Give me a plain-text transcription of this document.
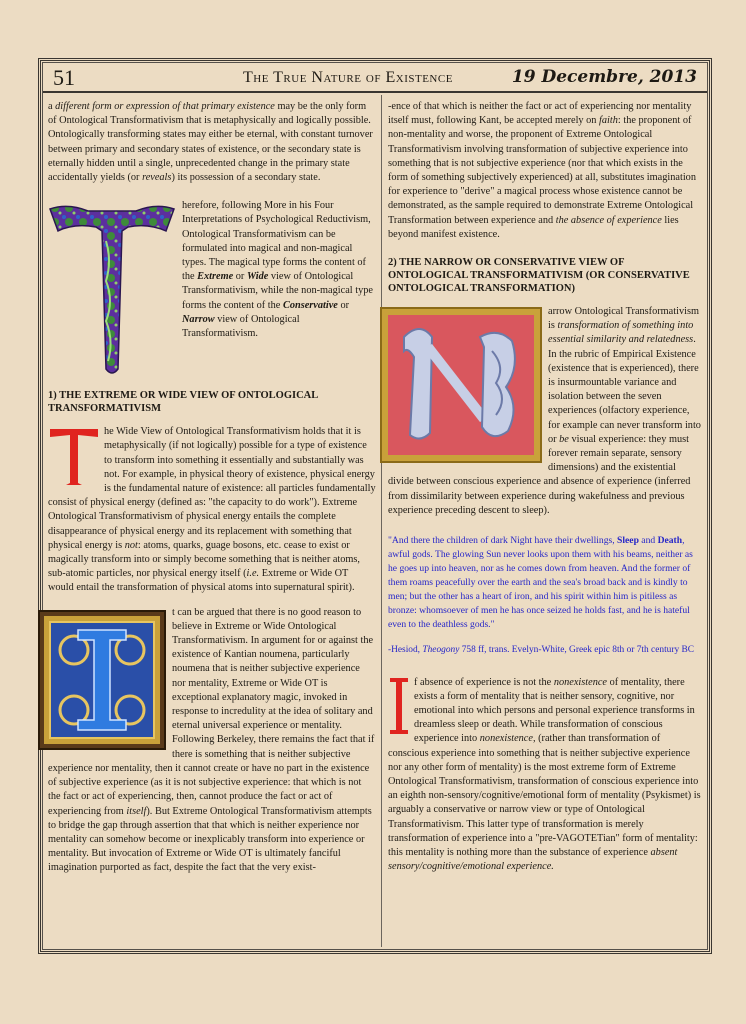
51	The True Nature of Existence	19 Decembre, 2013

a different form or expression of that primary existence may be the only form of Ontological Transformativism that is metaphysically and logically possible. Ontologically transforming states may either be eternal, with constant turnover between primary and secondary states of existence, or the secondary state is eternally hidden until a single, unprecedented change in the primary state accidentally yields (or reveals) its possession of a secondary state.

herefore, following More in his Four Interpretations of Psychological Reductivism, Ontological Transformativism can be formulated into magical and non-magical types. The magical type forms the content of the Extreme or Wide view of Ontological Transformativism, while the non-magical type forms the content of the Conservative or Narrow view of Ontological Transformativism.

1) THE EXTREME OR WIDE VIEW OF ONTOLOGICAL TRANSFORMATIVISM

he Wide View of Ontological Transformativism holds that it is metaphysically (if not logically) possible for a type of existence to transform into something it essentially and substantially was not. For example, in physical theory of existence, physical energy is the fundamental nature of existence: all particles fundamentally consist of physical energy (defined as: "the capacity to do work"). Extreme Ontological Transformativism of physical energy entails the complete disappearance of physical energy and its replacement with something that physical energy is not: atoms, quarks, guage bosons, etc. cease to exist or magically transform into or simply become something that is neither atoms, sub-atomic particles, nor physical energy itself (i.e. Extreme or Wide OT would entail the transformation of physical atoms into supernatural spirit).

t can be argued that there is no good reason to believe in Extreme or Wide Ontological Transformativism. In argument for or against the existence of Kantian noumena, particularly noumena that is neither subjective experience nor mentality, Extreme or Wide OT is exceptional explanatory magic, invoked in response to incredulity at the idea of solitary and eternal universal experience or mentality. Following Berkeley, there remains the fact that if there is something that is neither subjective experience nor mentality, then it cannot create or have no part in the existence of subjective experience (as it is not subjective experience: that which is not the fact or act of experiencing, then, cannot produce the fact or act of experiencing from itself). But Extreme Ontological Transformativism attempts to bridge the gap through assertion that that which is neither experience nor mentality can somehow become or inexplicably transform into experience or mentality. But invocation of Extreme or Wide OT is ultimately fanciful imagination purported as fact, despite the fact that the very exist-

-ence of that which is neither the fact or act of experiencing nor mentality itself must, following Kant, be accepted merely on faith: the proponent of non-mentality and worse, the proponent of Extreme Ontological Transformativism involving transformation of subjective experience into something that is not subjective experience (nor that which exists in the form of something subjectively experienced) at all, substitutes imagination for experience to "derive" a magical process whose existence cannot be demonstrated, as the sample required to demonstrate Extreme Ontological Transformation between experience and the absence of experience lies beyond manifest existence.

2) THE NARROW OR CONSERVATIVE VIEW OF ONTOLOGICAL TRANSFORMATIVISM (OR CONSERVATIVE ONTOLOGICAL TRANSFORMATION)

arrow Ontological Transformativism is transformation of something into essential similarity and relatedness. In the rubric of Empirical Existence (existence that is experienced), there is insurmountable variance and isolation between the seven experiences (olfactory experience, for example can never transform into or be visual experience: they must forever remain separate, sensory dimensions) and the existential divide between conscious experience and absence of experience (inferred from dissimilarity between experience during wakefulness and previous experience preceding descent to sleep).

"And there the children of dark Night have their dwellings, Sleep and Death, awful gods. The glowing Sun never looks upon them with his beams, neither as he goes up into heaven, nor as he comes down from heaven. And the former of them roams peacefully over the earth and the sea's broad back and is kindly to men; but the other has a heart of iron, and his spirit within him is pitiless as bronze: whomsoever of men he has once seized he holds fast, and he is hateful even to the deathless gods."
-Hesiod, Theogony 758 ff, trans. Evelyn-White, Greek epic 8th or 7th century BC

f absence of experience is not the nonexistence of mentality, there exists a form of mentality that is neither sensory, cognitive, nor emotional into which persons and personal experience transforms in dreamless sleep or death. While transformation of conscious experience into nonexistence, (rather than transformation of conscious experience into something that is neither subjective experience nor any other form of mentality) is the most extreme form of Extreme Ontological Transformativism, transformation of conscious experience into an eighth non-sensory/cognitive/emotional form of mentality (Psykismet) is arguably a conservative or narrow view or type of Ontological Transformativism. This latter type of transformation is merely transformation of experience into a "pre-VAGOTETian" form of mentality: this mentality is nothing more than the substance of experience absent sensory/cognitive/emotional experience.
